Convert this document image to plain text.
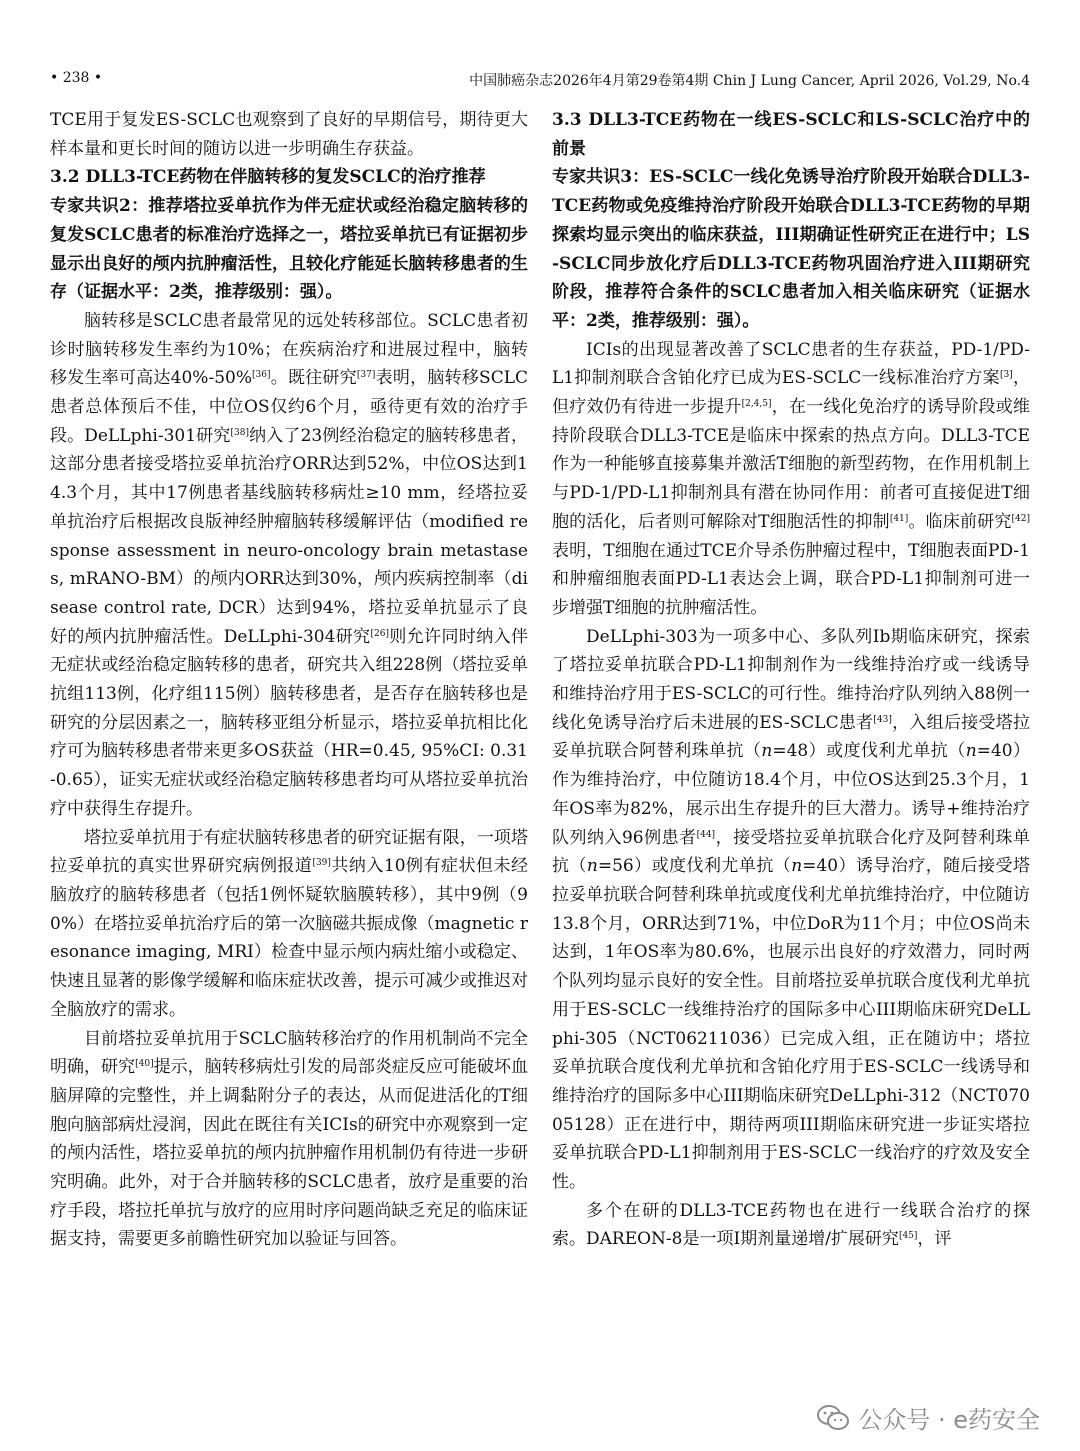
• 238 •	中国肺癌杂志2026年4月第29卷第4期 Chin J Lung Cancer, April 2026, Vol.29, No.4

TCE用于复发ES-SCLC也观察到了良好的早期信号，期待更大样本量和更长时间的随访以进一步明确生存获益。

3.2 DLL3-TCE药物在伴脑转移的复发SCLC的治疗推荐

专家共识2：推荐塔拉妥单抗作为伴无症状或经治稳定脑转移的复发SCLC患者的标准治疗选择之一，塔拉妥单抗已有证据初步显示出良好的颅内抗肿瘤活性，且较化疗能延长脑转移患者的生存（证据水平：2类，推荐级别：强）。

脑转移是SCLC患者最常见的远处转移部位。SCLC患者初诊时脑转移发生率约为10%；在疾病治疗和进展过程中，脑转移发生率可高达40%-50%[36]。既往研究[37]表明，脑转移SCLC患者总体预后不佳，中位OS仅约6个月，亟待更有效的治疗手段。DeLLphi-301研究[38]纳入了23例经治稳定的脑转移患者，这部分患者接受塔拉妥单抗治疗ORR达到52%，中位OS达到14.3个月，其中17例患者基线脑转移病灶≥10 mm，经塔拉妥单抗治疗后根据改良版神经肿瘤脑转移缓解评估（modified response assessment in neuro-oncology brain metastases, mRANO-BM）的颅内ORR达到30%，颅内疾病控制率（disease control rate, DCR）达到94%，塔拉妥单抗显示了良好的颅内抗肿瘤活性。DeLLphi-304研究[26]则允许同时纳入伴无症状或经治稳定脑转移的患者，研究共入组228例（塔拉妥单抗组113例，化疗组115例）脑转移患者，是否存在脑转移也是研究的分层因素之一，脑转移亚组分析显示，塔拉妥单抗相比化疗可为脑转移患者带来更多OS获益（HR=0.45, 95%CI: 0.31-0.65），证实无症状或经治稳定脑转移患者均可从塔拉妥单抗治疗中获得生存提升。

塔拉妥单抗用于有症状脑转移患者的研究证据有限，一项塔拉妥单抗的真实世界研究病例报道[39]共纳入10例有症状但未经脑放疗的脑转移患者（包括1例怀疑软脑膜转移），其中9例（90%）在塔拉妥单抗治疗后的第一次脑磁共振成像（magnetic resonance imaging, MRI）检查中显示颅内病灶缩小或稳定、快速且显著的影像学缓解和临床症状改善，提示可减少或推迟对全脑放疗的需求。

目前塔拉妥单抗用于SCLC脑转移治疗的作用机制尚不完全明确，研究[40]提示，脑转移病灶引发的局部炎症反应可能破坏血脑屏障的完整性，并上调黏附分子的表达，从而促进活化的T细胞向脑部病灶浸润，因此在既往有关ICIs的研究中亦观察到一定的颅内活性，塔拉妥单抗的颅内抗肿瘤作用机制仍有待进一步研究明确。此外，对于合并脑转移的SCLC患者，放疗是重要的治疗手段，塔拉托单抗与放疗的应用时序问题尚缺乏充足的临床证据支持，需要更多前瞻性研究加以验证与回答。

3.3 DLL3-TCE药物在一线ES-SCLC和LS-SCLC治疗中的前景

专家共识3：ES-SCLC一线化免诱导治疗阶段开始联合DLL3-TCE药物或免疫维持治疗阶段开始联合DLL3-TCE药物的早期探索均显示突出的临床获益，III期确证性研究正在进行中；LS-SCLC同步放化疗后DLL3-TCE药物巩固治疗进入III期研究阶段，推荐符合条件的SCLC患者加入相关临床研究（证据水平：2类，推荐级别：强）。

ICIs的出现显著改善了SCLC患者的生存获益，PD-1/PD-L1抑制剂联合含铂化疗已成为ES-SCLC一线标准治疗方案[3]，但疗效仍有待进一步提升[2,4,5]，在一线化免治疗的诱导阶段或维持阶段联合DLL3-TCE是临床中探索的热点方向。DLL3-TCE作为一种能够直接募集并激活T细胞的新型药物，在作用机制上与PD-1/PD-L1抑制剂具有潜在协同作用：前者可直接促进T细胞的活化，后者则可解除对T细胞活性的抑制[41]。临床前研究[42]表明，T细胞在通过TCE介导杀伤肿瘤过程中，T细胞表面PD-1和肿瘤细胞表面PD-L1表达会上调，联合PD-L1抑制剂可进一步增强T细胞的抗肿瘤活性。

DeLLphi-303为一项多中心、多队列Ib期临床研究，探索了塔拉妥单抗联合PD-L1抑制剂作为一线维持治疗或一线诱导和维持治疗用于ES-SCLC的可行性。维持治疗队列纳入88例一线化免诱导治疗后未进展的ES-SCLC患者[43]，入组后接受塔拉妥单抗联合阿替利珠单抗（n=48）或度伐利尤单抗（n=40）作为维持治疗，中位随访18.4个月，中位OS达到25.3个月，1年OS率为82%，展示出生存提升的巨大潜力。诱导+维持治疗队列纳入96例患者[44]，接受塔拉妥单抗联合化疗及阿替利珠单抗（n=56）或度伐利尤单抗（n=40）诱导治疗，随后接受塔拉妥单抗联合阿替利珠单抗或度伐利尤单抗维持治疗，中位随访13.8个月，ORR达到71%，中位DoR为11个月；中位OS尚未达到，1年OS率为80.6%，也展示出良好的疗效潜力，同时两个队列均显示良好的安全性。目前塔拉妥单抗联合度伐利尤单抗用于ES-SCLC一线维持治疗的国际多中心III期临床研究DeLLphi-305（NCT06211036）已完成入组，正在随访中；塔拉妥单抗联合度伐利尤单抗和含铂化疗用于ES-SCLC一线诱导和维持治疗的国际多中心III期临床研究DeLLphi-312（NCT07005128）正在进行中，期待两项III期临床研究进一步证实塔拉妥单抗联合PD-L1抑制剂用于ES-SCLC一线治疗的疗效及安全性。

多个在研的DLL3-TCE药物也在进行一线联合治疗的探索。DAREON-8是一项I期剂量递增/扩展研究[45]，评

公众号 · e药安全
